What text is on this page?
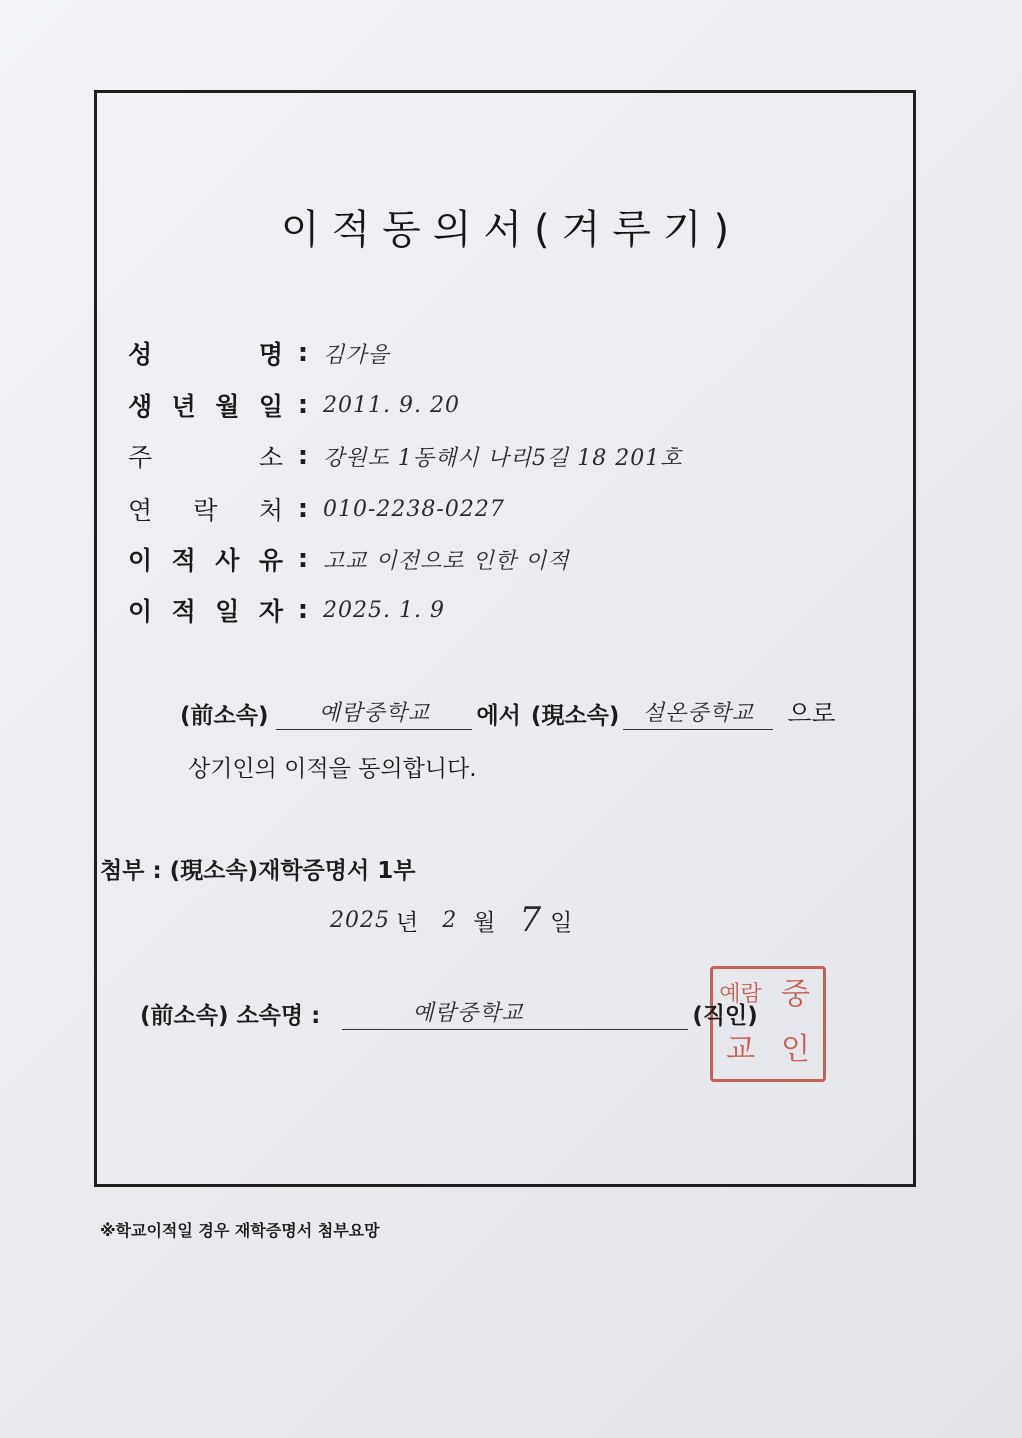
이적동의서(겨루기)
성	명 : 김가을
생 년 월 일 : 2011. 9. 20
주	소 : 강원도 1동해시 나리5길 18 201호
연 락 처 : 010-2238-0227
이 적 사 유 : 고교 이전으로 인한 이적
이 적 일 자 : 2025. 1. 9
(前소속)	예람중학교	에서 (現소속)	설온중학교	으로
상기인의 이적을 동의합니다.
첨부 : (現소속)재학증명서 1부
2025 년 2 월 7 일
(前소속) 소속명 :	예람중학교	(직인)
예람 중
교 인
※학교이적일 경우 재학증명서 첨부요망
